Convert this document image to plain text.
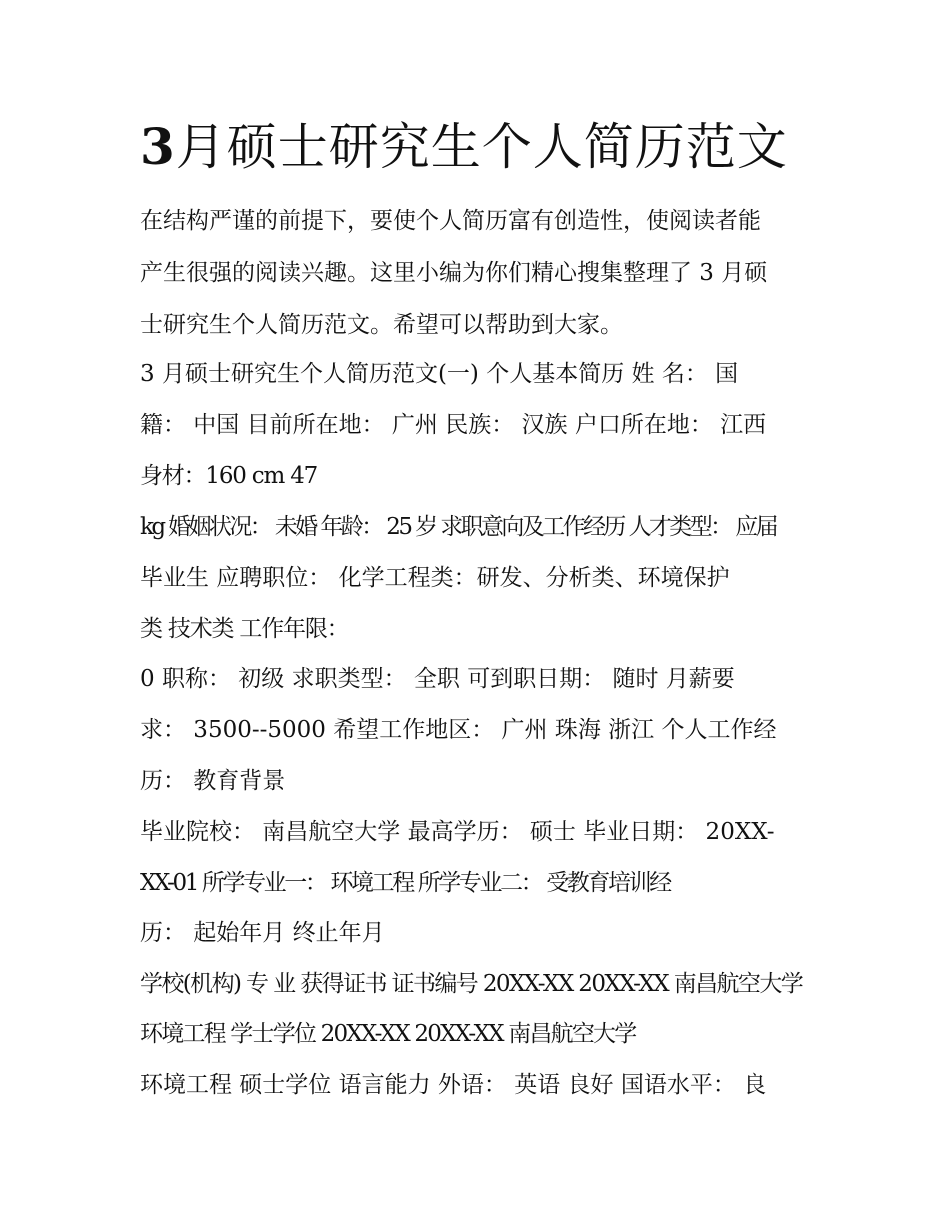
3月硕士研究生个人简历范文

在结构严谨的前提下，要使个人简历富有创造性，使阅读者能

产生很强的阅读兴趣。这里小编为你们精心搜集整理了 3 月硕

士研究生个人简历范文。希望可以帮助到大家。

3 月硕士研究生个人简历范文(一) 个人基本简历 姓 名： 国

籍： 中国 目前所在地： 广州 民族： 汉族 户口所在地： 江西

身材：160 cm 47

kg 婚姻状况： 未婚 年龄： 25 岁 求职意向及工作经历 人才类型： 应届

毕业生 应聘职位： 化学工程类：研发、分析类、环境保护

类 技术类 工作年限：

0 职称： 初级 求职类型： 全职 可到职日期： 随时 月薪要

求： 3500--5000 希望工作地区： 广州 珠海 浙江 个人工作经

历： 教育背景

毕业院校： 南昌航空大学 最高学历： 硕士 毕业日期： 20XX-

XX-01 所学专业一： 环境工程 所学专业二： 受教育培训经

历： 起始年月 终止年月

学校(机构) 专 业 获得证书 证书编号 20XX-XX 20XX-XX 南昌航空大学

环境工程 学士学位 20XX-XX 20XX-XX 南昌航空大学

环境工程 硕士学位 语言能力 外语： 英语 良好 国语水平： 良
